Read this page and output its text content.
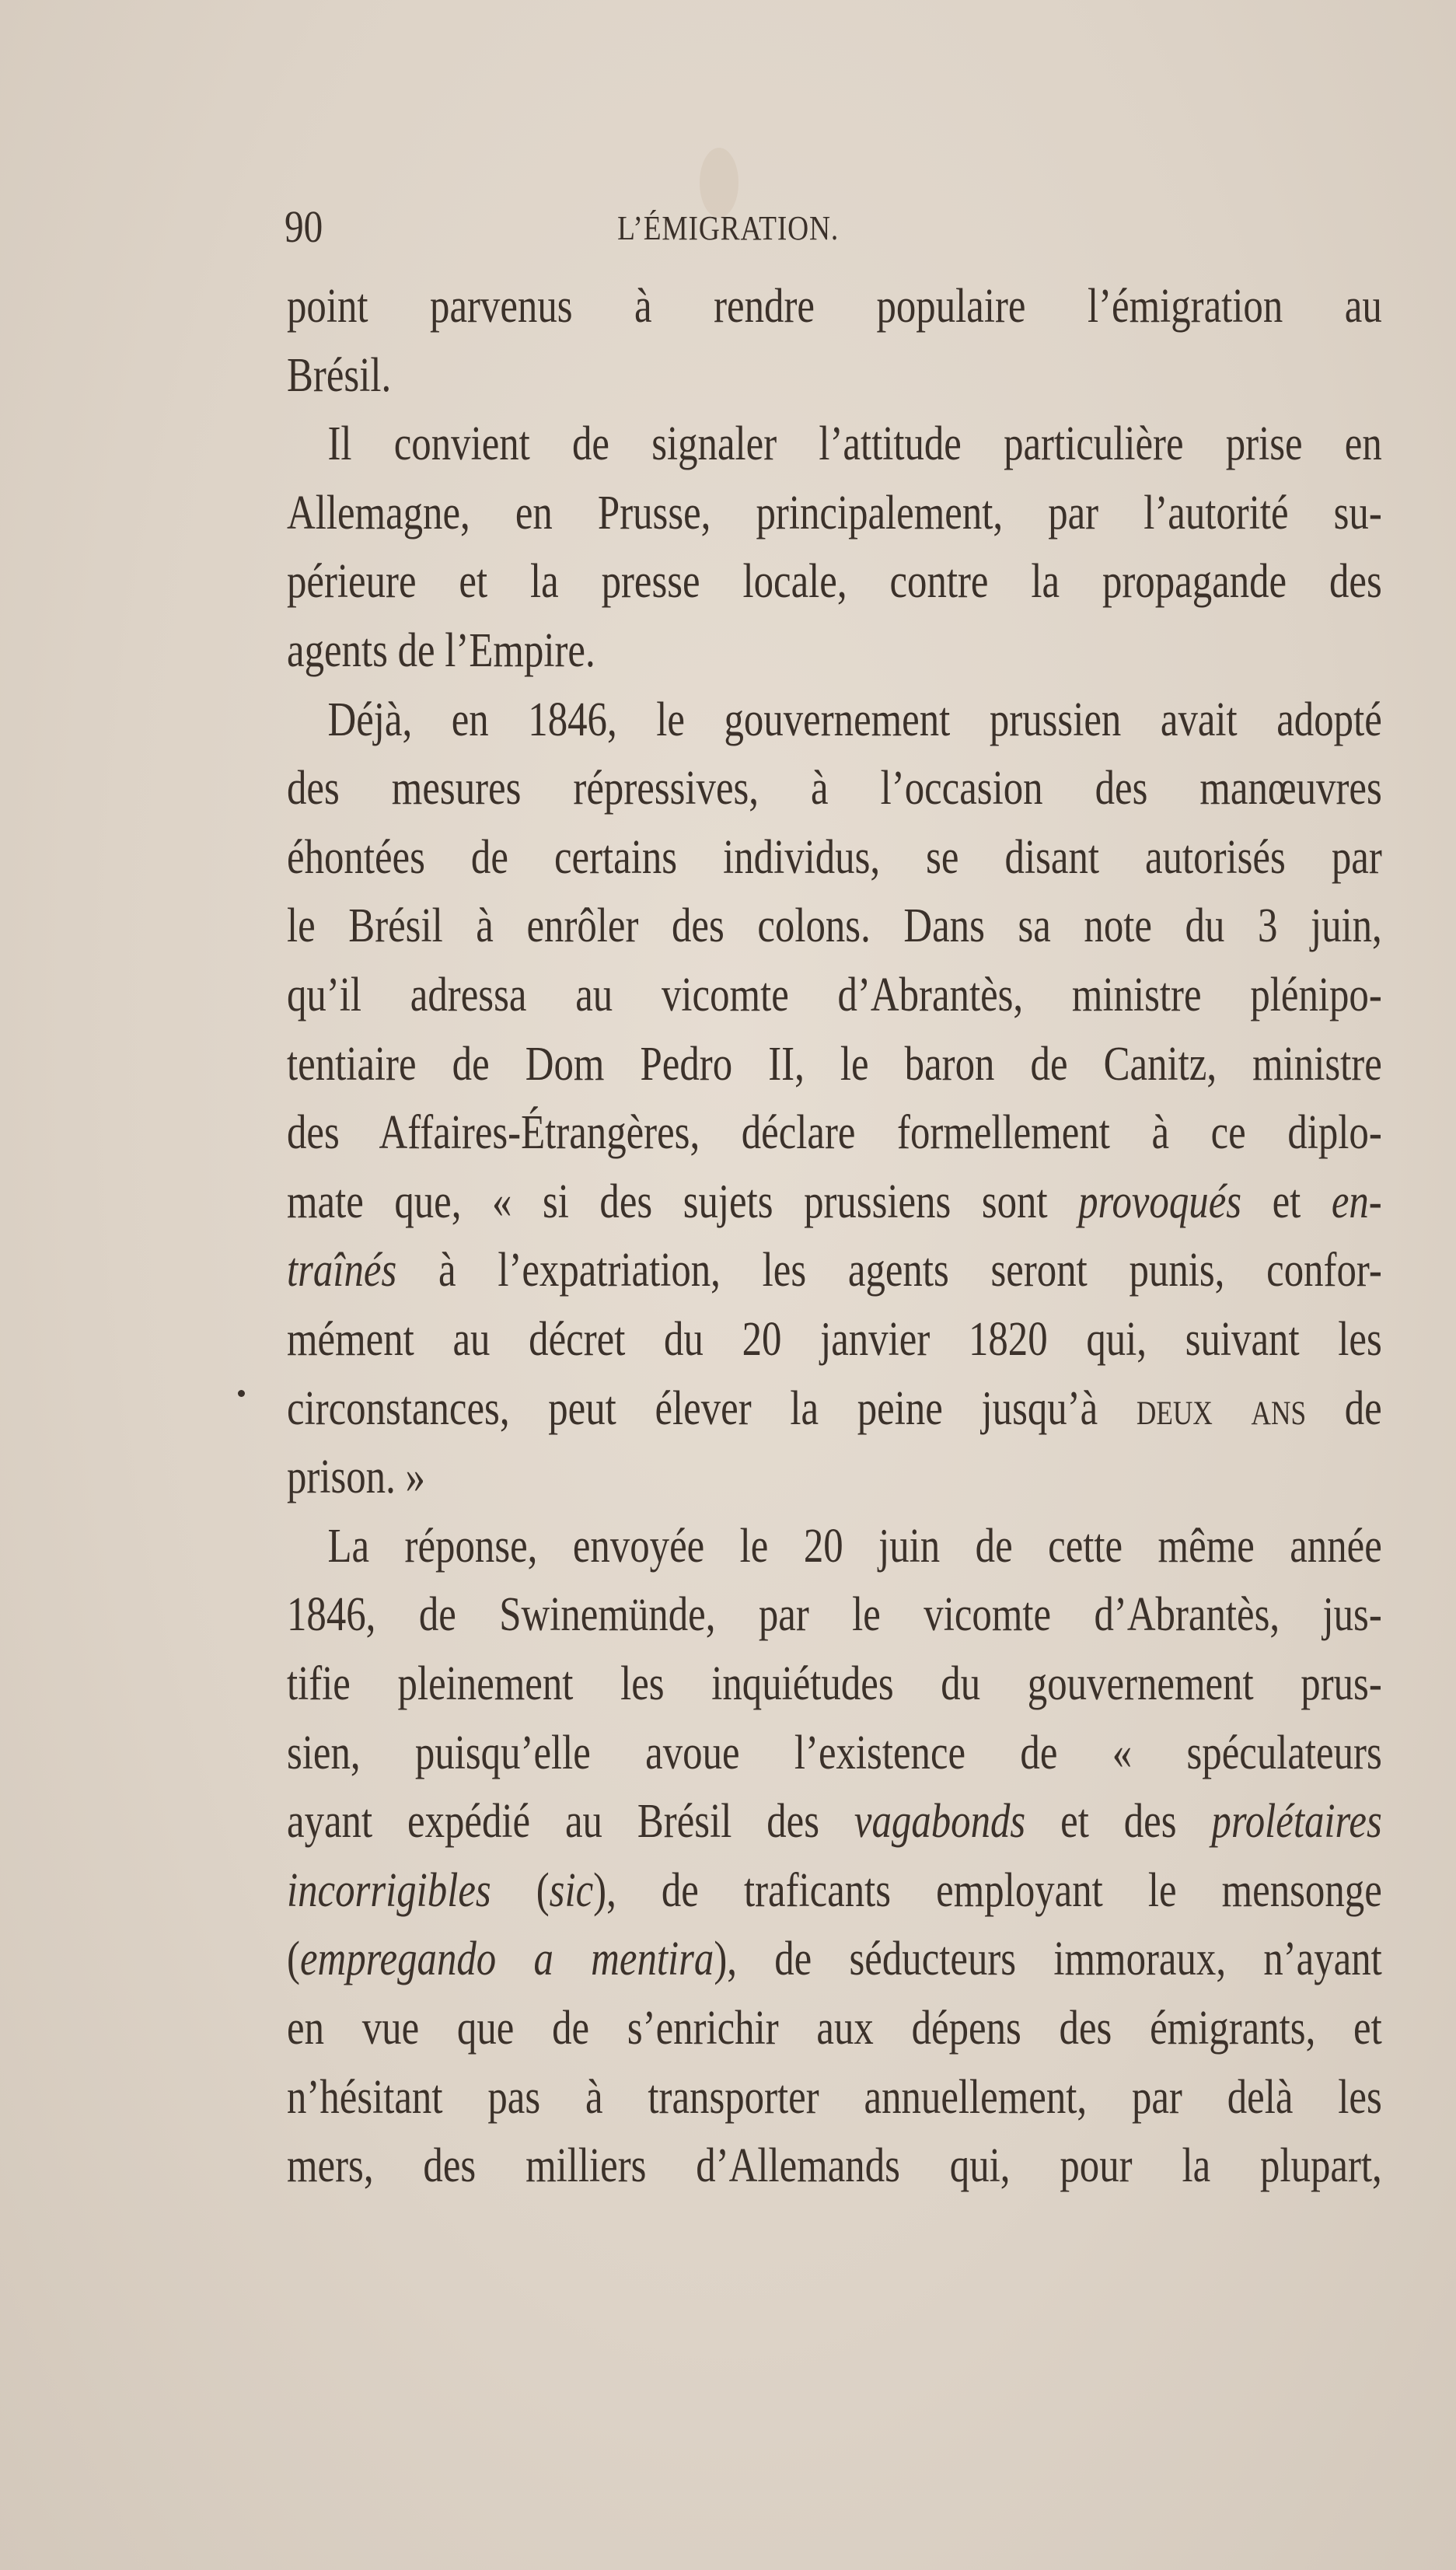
90	L’ÉMIGRATION.
point parvenus à rendre populaire l’émigration au
Brésil.
Il convient de signaler l’attitude particulière prise en
Allemagne, en Prusse, principalement, par l’autorité su-
périeure et la presse locale, contre la propagande des
agents de l’Empire.
Déjà, en 1846, le gouvernement prussien avait adopté
des mesures répressives, à l’occasion des manœuvres
éhontées de certains individus, se disant autorisés par
le Brésil à enrôler des colons. Dans sa note du 3 juin,
qu’il adressa au vicomte d’Abrantès, ministre plénipo-
tentiaire de Dom Pedro II, le baron de Canitz, ministre
des Affaires-Étrangères, déclare formellement à ce diplo-
mate que, « si des sujets prussiens sont provoqués et en-
traînés à l’expatriation, les agents seront punis, confor-
mément au décret du 20 janvier 1820 qui, suivant les
circonstances, peut élever la peine jusqu’à deux ans de
prison. »
La réponse, envoyée le 20 juin de cette même année
1846, de Swinemünde, par le vicomte d’Abrantès, jus-
tifie pleinement les inquiétudes du gouvernement prus-
sien, puisqu’elle avoue l’existence de « spéculateurs
ayant expédié au Brésil des vagabonds et des prolétaires
incorrigibles (sic), de traficants employant le mensonge
(empregando a mentira), de séducteurs immoraux, n’ayant
en vue que de s’enrichir aux dépens des émigrants, et
n’hésitant pas à transporter annuellement, par delà les
mers, des milliers d’Allemands qui, pour la plupart,
